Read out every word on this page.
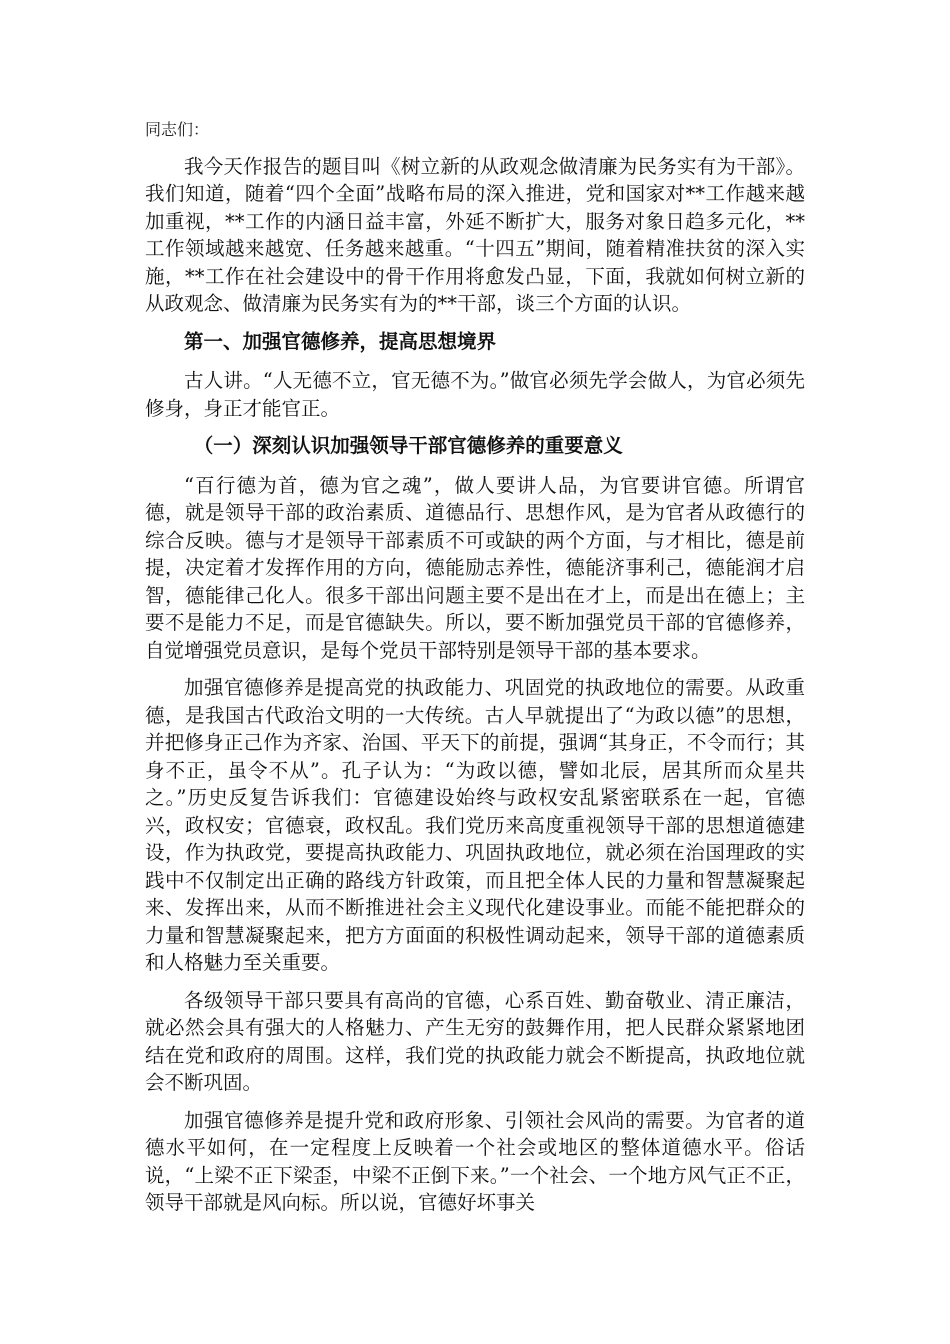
同志们：

我今天作报告的题目叫《树立新的从政观念做清廉为民务实有为干部》。我们知道，随着“四个全面”战略布局的深入推进，党和国家对**工作越来越加重视，**工作的内涵日益丰富，外延不断扩大，服务对象日趋多元化，**工作领域越来越宽、任务越来越重。“十四五”期间，随着精准扶贫的深入实施，**工作在社会建设中的骨干作用将愈发凸显，下面，我就如何树立新的从政观念、做清廉为民务实有为的**干部，谈三个方面的认识。

第一、加强官德修养，提高思想境界

古人讲。“人无德不立，官无德不为。”做官必须先学会做人，为官必须先修身，身正才能官正。

（一）深刻认识加强领导干部官德修养的重要意义

“百行德为首，德为官之魂”，做人要讲人品，为官要讲官德。所谓官德，就是领导干部的政治素质、道德品行、思想作风，是为官者从政德行的综合反映。德与才是领导干部素质不可或缺的两个方面，与才相比，德是前提，决定着才发挥作用的方向，德能励志养性，德能济事利己，德能润才启智，德能律己化人。很多干部出问题主要不是出在才上，而是出在德上；主要不是能力不足，而是官德缺失。所以，要不断加强党员干部的官德修养，自觉增强党员意识，是每个党员干部特别是领导干部的基本要求。

加强官德修养是提高党的执政能力、巩固党的执政地位的需要。从政重德，是我国古代政治文明的一大传统。古人早就提出了“为政以德”的思想，并把修身正己作为齐家、治国、平天下的前提，强调“其身正，不令而行；其身不正，虽令不从”。孔子认为：“为政以德，譬如北辰，居其所而众星共之。”历史反复告诉我们：官德建设始终与政权安乱紧密联系在一起，官德兴，政权安；官德衰，政权乱。我们党历来高度重视领导干部的思想道德建设，作为执政党，要提高执政能力、巩固执政地位，就必须在治国理政的实践中不仅制定出正确的路线方针政策，而且把全体人民的力量和智慧凝聚起来、发挥出来，从而不断推进社会主义现代化建设事业。而能不能把群众的力量和智慧凝聚起来，把方方面面的积极性调动起来，领导干部的道德素质和人格魅力至关重要。

各级领导干部只要具有高尚的官德，心系百姓、勤奋敬业、清正廉洁，就必然会具有强大的人格魅力、产生无穷的鼓舞作用，把人民群众紧紧地团结在党和政府的周围。这样，我们党的执政能力就会不断提高，执政地位就会不断巩固。

加强官德修养是提升党和政府形象、引领社会风尚的需要。为官者的道德水平如何，在一定程度上反映着一个社会或地区的整体道德水平。俗话说，“上梁不正下梁歪，中梁不正倒下来。”一个社会、一个地方风气正不正，领导干部就是风向标。所以说，官德好坏事关
